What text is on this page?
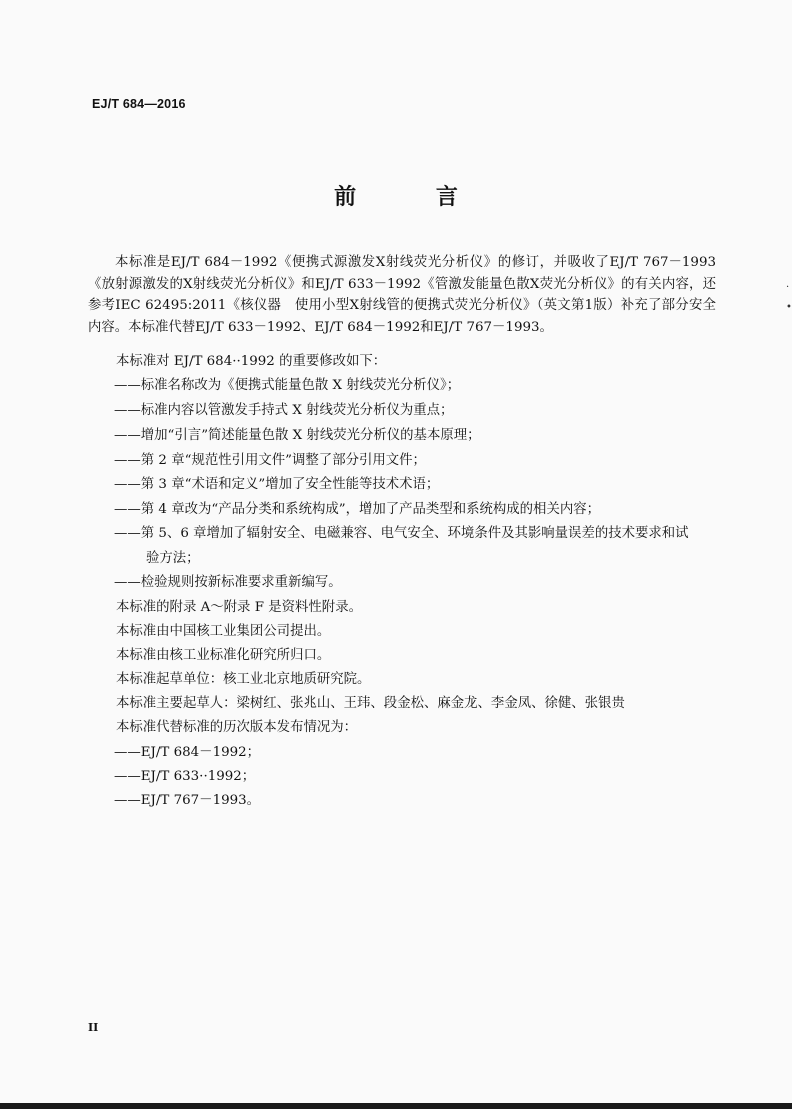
EJ/T 684—2016
前 言
本标准是EJ/T 684－1992《便携式源激发X射线荧光分析仪》的修订，并吸收了EJ/T 767－1993《放射源激发的X射线荧光分析仪》和EJ/T 633－1992《管激发能量色散X荧光分析仪》的有关内容，还参考IEC 62495:2011《核仪器　使用小型X射线管的便携式荧光分析仪》（英文第1版）补充了部分安全内容。本标准代替EJ/T 633－1992、EJ/T 684－1992和EJ/T 767－1993。
本标准对 EJ/T 684··1992 的重要修改如下：
——标准名称改为《便携式能量色散 X 射线荧光分析仪》；
——标准内容以管激发手持式 X 射线荧光分析仪为重点；
——增加“引言”简述能量色散 X 射线荧光分析仪的基本原理；
——第 2 章“规范性引用文件”调整了部分引用文件；
——第 3 章“术语和定义”增加了安全性能等技术术语；
——第 4 章改为“产品分类和系统构成”，增加了产品类型和系统构成的相关内容；
——第 5、6 章增加了辐射安全、电磁兼容、电气安全、环境条件及其影响量误差的技术要求和试
验方法；
——检验规则按新标准要求重新编写。
本标准的附录 A～附录 F 是资料性附录。
本标准由中国核工业集团公司提出。
本标准由核工业标准化研究所归口。
本标准起草单位：核工业北京地质研究院。
本标准主要起草人：梁树红、张兆山、王玮、段金松、麻金龙、李金凤、徐健、张银贵
本标准代替标准的历次版本发布情况为：
——EJ/T 684－1992；
——EJ/T 633··1992；
——EJ/T 767－1993。
·
•
II
